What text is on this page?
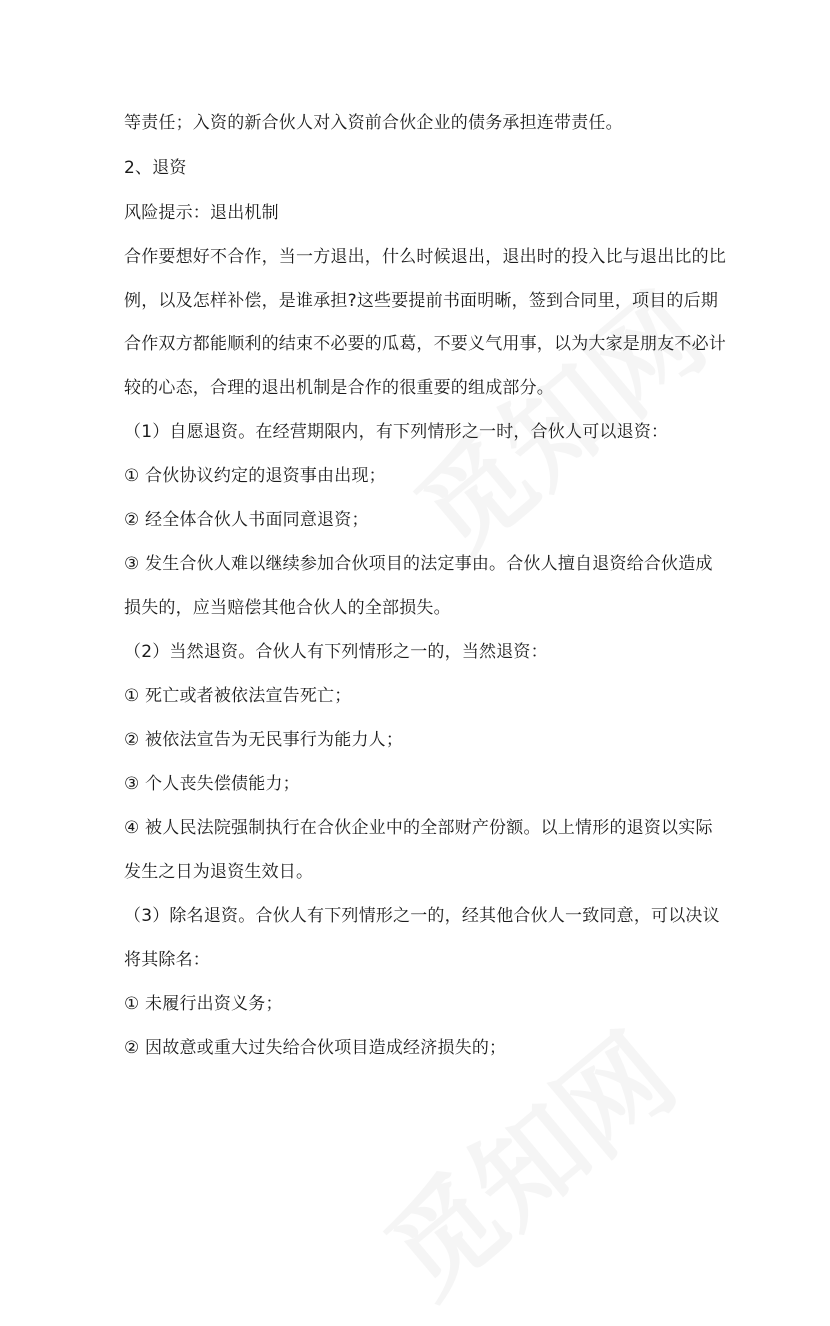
等责任；入资的新合伙人对入资前合伙企业的债务承担连带责任。
2、退资
风险提示：退出机制
合作要想好不合作，当一方退出，什么时候退出，退出时的投入比与退出比的比
例，以及怎样补偿，是谁承担?这些要提前书面明晰，签到合同里，项目的后期
合作双方都能顺利的结束不必要的瓜葛，不要义气用事，以为大家是朋友不必计
较的心态，合理的退出机制是合作的很重要的组成部分。
（1）自愿退资。在经营期限内，有下列情形之一时，合伙人可以退资：
① 合伙协议约定的退资事由出现；
② 经全体合伙人书面同意退资；
③ 发生合伙人难以继续参加合伙项目的法定事由。合伙人擅自退资给合伙造成
损失的，应当赔偿其他合伙人的全部损失。
（2）当然退资。合伙人有下列情形之一的，当然退资：
① 死亡或者被依法宣告死亡；
② 被依法宣告为无民事行为能力人；
③ 个人丧失偿债能力；
④ 被人民法院强制执行在合伙企业中的全部财产份额。以上情形的退资以实际
发生之日为退资生效日。
（3）除名退资。合伙人有下列情形之一的，经其他合伙人一致同意，可以决议
将其除名：
① 未履行出资义务；
② 因故意或重大过失给合伙项目造成经济损失的；
